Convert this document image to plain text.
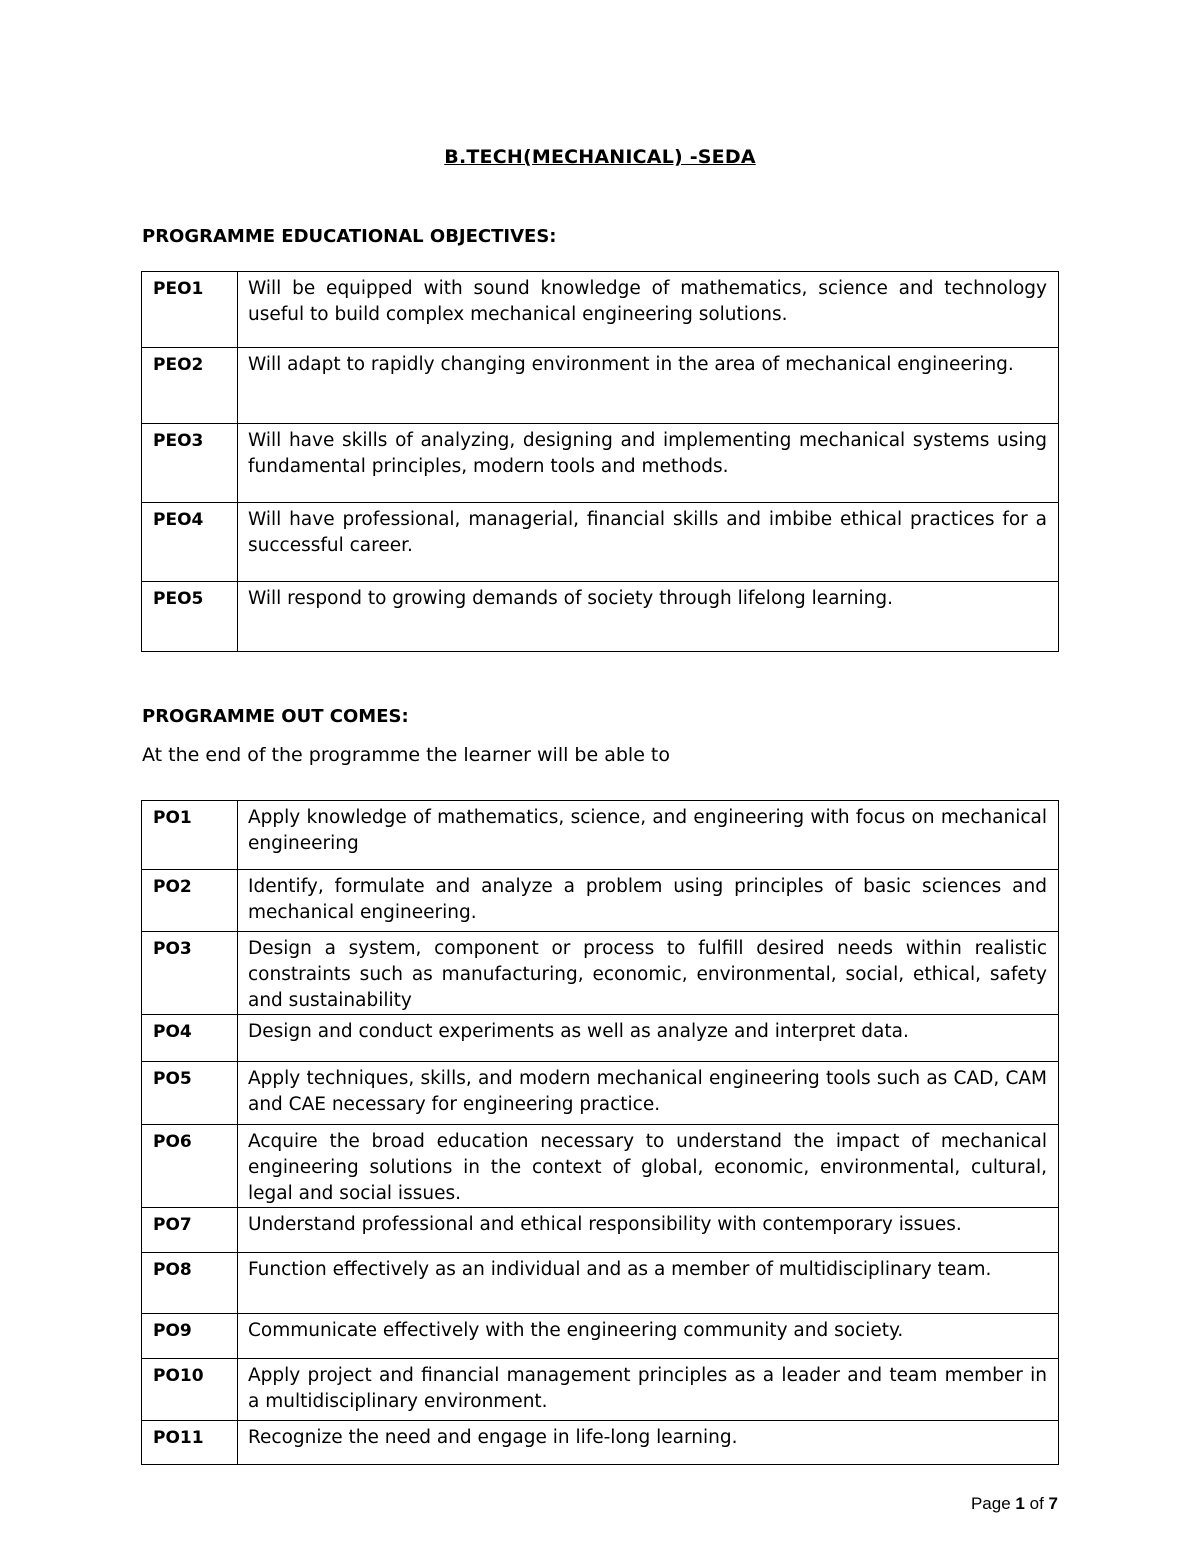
B.TECH(MECHANICAL) -SEDA
PROGRAMME EDUCATIONAL OBJECTIVES:
PEO1	Will be equipped with sound knowledge of mathematics, science and technology useful to build complex mechanical engineering solutions.
PEO2	Will adapt to rapidly changing environment in the area of mechanical engineering.
PEO3	Will have skills of analyzing, designing and implementing mechanical systems using fundamental principles, modern tools and methods.
PEO4	Will have professional, managerial, financial skills and imbibe ethical practices for a successful career.
PEO5	Will respond to growing demands of society through lifelong learning.
PROGRAMME OUT COMES:
At the end of the programme the learner will be able to
PO1	Apply knowledge of mathematics, science, and engineering with focus on mechanical engineering
PO2	Identify, formulate and analyze a problem using principles of basic sciences and mechanical engineering.
PO3	Design a system, component or process to fulfill desired needs within realistic constraints such as manufacturing, economic, environmental, social, ethical, safety and sustainability
PO4	Design and conduct experiments as well as analyze and interpret data.
PO5	Apply techniques, skills, and modern mechanical engineering tools such as CAD, CAM and CAE necessary for engineering practice.
PO6	Acquire the broad education necessary to understand the impact of mechanical engineering solutions in the context of global, economic, environmental, cultural, legal and social issues.
PO7	Understand professional and ethical responsibility with contemporary issues.
PO8	Function effectively as an individual and as a member of multidisciplinary team.
PO9	Communicate effectively with the engineering community and society.
PO10	Apply project and financial management principles as a leader and team member in a multidisciplinary environment.
PO11	Recognize the need and engage in life-long learning.
Page 1 of 7
